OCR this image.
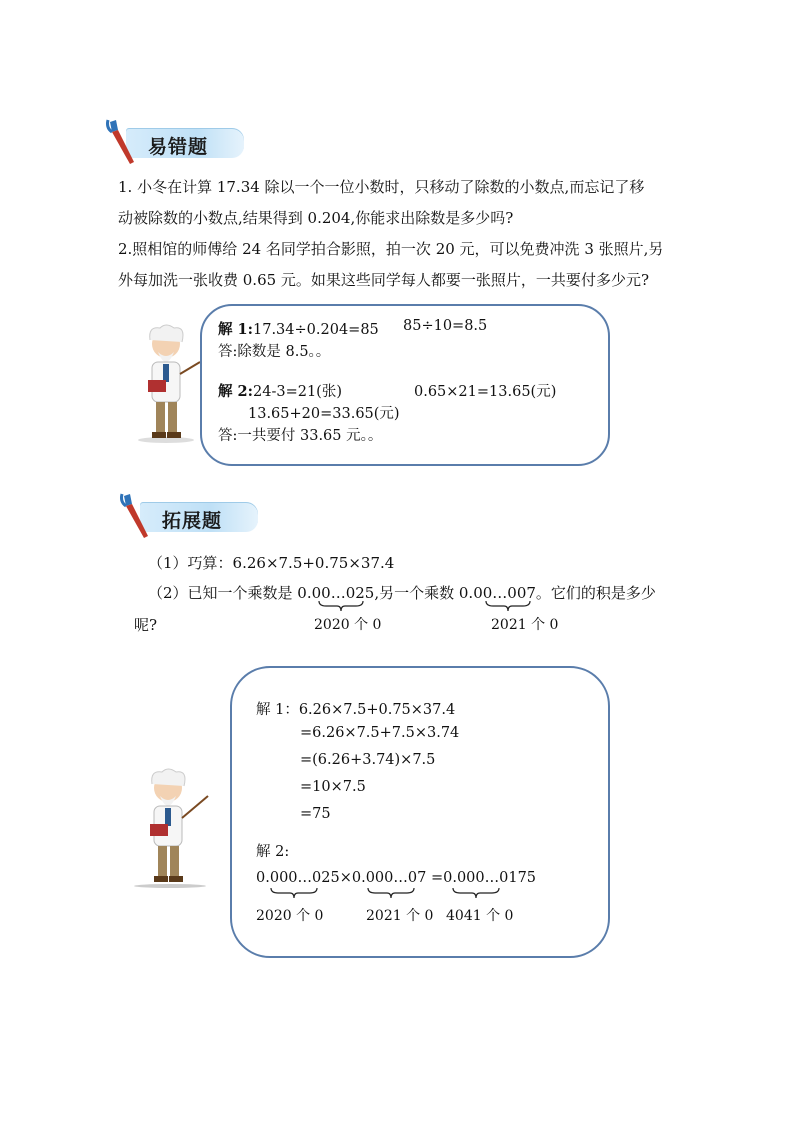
易错题
1. 小冬在计算 17.34 除以一个一位小数时，只移动了除数的小数点,而忘记了移
动被除数的小数点,结果得到 0.204,你能求出除数是多少吗?
2.照相馆的师傅给 24 名同学拍合影照，拍一次 20 元，可以免费冲洗 3 张照片,另
外每加洗一张收费 0.65 元。如果这些同学每人都要一张照片，一共要付多少元?
解 1:17.34÷0.204=85 85÷10=8.5
答:除数是 8.5。。
解 2:24-3=21(张)	0.65×21=13.65(元)
13.65+20=33.65(元)
答:一共要付 33.65 元。。
拓展题
（1）巧算：6.26×7.5+0.75×37.4
（2）已知一个乘数是 0.00…025,另一个乘数 0.00…007。它们的积是多少
呢?	2020 个 0	2021 个 0
解 1：6.26×7.5+0.75×37.4
=6.26×7.5+7.5×3.74
=(6.26+3.74)×7.5
=10×7.5
=75
解 2:
0.000…025×0.000…07 =0.000…0175
2020 个 0	2021 个 0 4041 个 0
